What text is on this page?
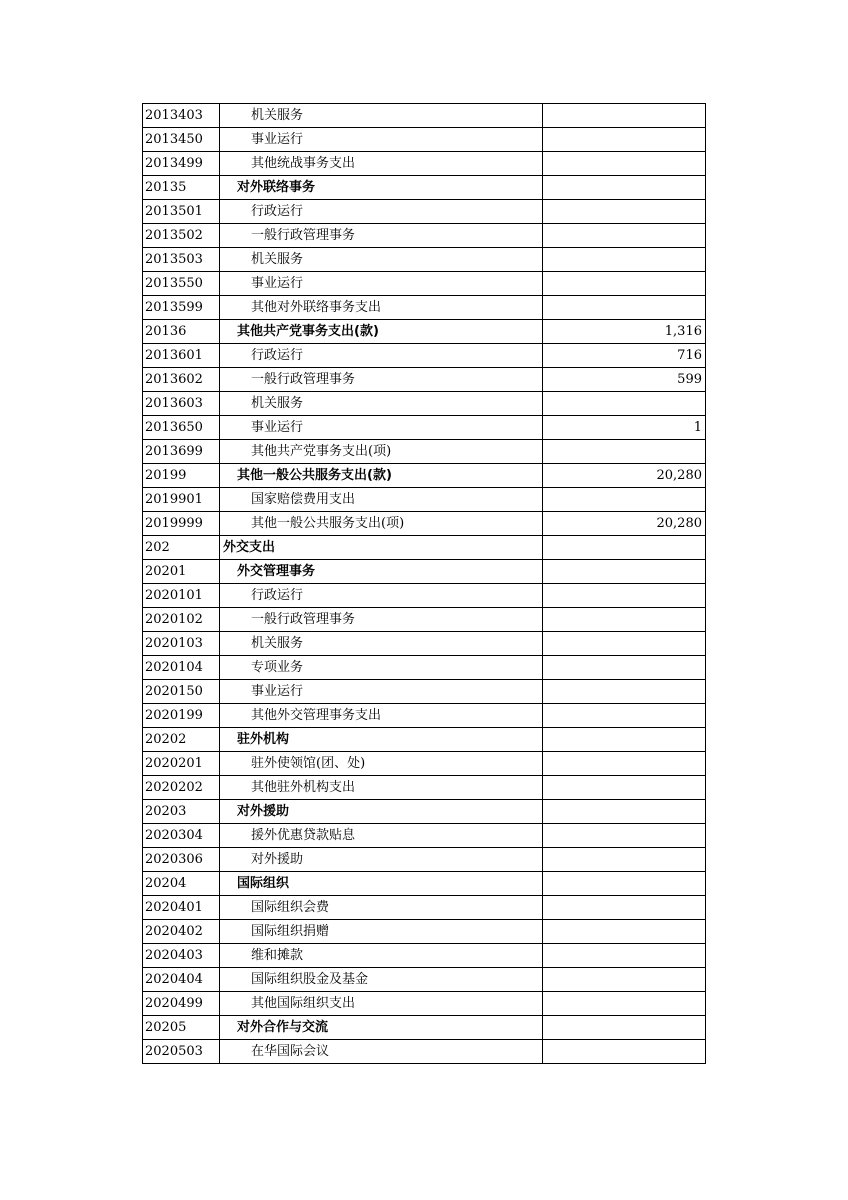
2013403	机关服务	
2013450	事业运行	
2013499	其他统战事务支出	
20135	对外联络事务	
2013501	行政运行	
2013502	一般行政管理事务	
2013503	机关服务	
2013550	事业运行	
2013599	其他对外联络事务支出	
20136	其他共产党事务支出(款)	1,316
2013601	行政运行	716
2013602	一般行政管理事务	599
2013603	机关服务	
2013650	事业运行	1
2013699	其他共产党事务支出(项)	
20199	其他一般公共服务支出(款)	20,280
2019901	国家赔偿费用支出	
2019999	其他一般公共服务支出(项)	20,280
202	外交支出	
20201	外交管理事务	
2020101	行政运行	
2020102	一般行政管理事务	
2020103	机关服务	
2020104	专项业务	
2020150	事业运行	
2020199	其他外交管理事务支出	
20202	驻外机构	
2020201	驻外使领馆(团、处)	
2020202	其他驻外机构支出	
20203	对外援助	
2020304	援外优惠贷款贴息	
2020306	对外援助	
20204	国际组织	
2020401	国际组织会费	
2020402	国际组织捐赠	
2020403	维和摊款	
2020404	国际组织股金及基金	
2020499	其他国际组织支出	
20205	对外合作与交流	
2020503	在华国际会议	
